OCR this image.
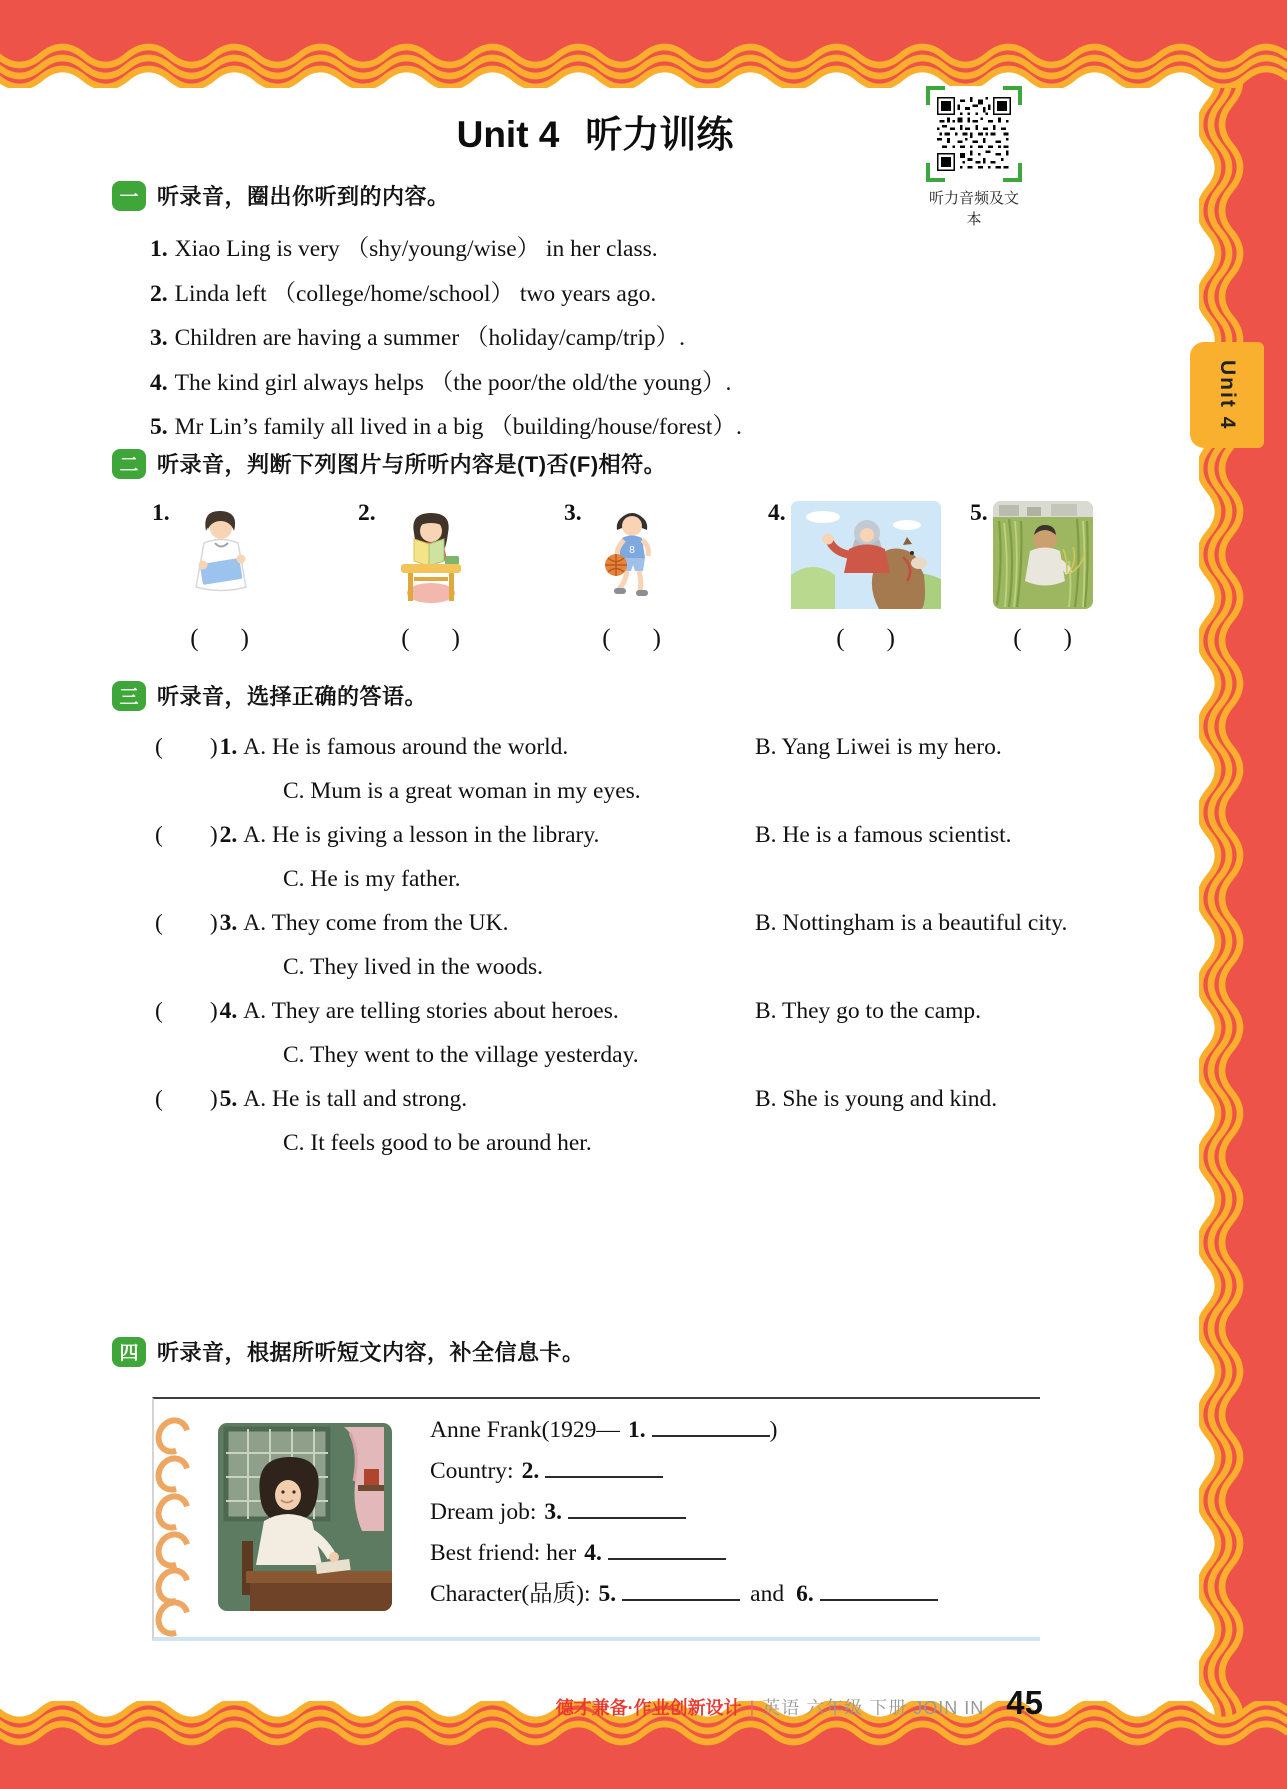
Unit 4
Unit 4 听力训练
听力音频及文本
一 听录音，圈出你听到的内容。
1. Xiao Ling is very （shy/young/wise） in her class.
2. Linda left （college/home/school） two years ago.
3. Children are having a summer （holiday/camp/trip）.
4. The kind girl always helps （the poor/the old/the young）.
5. Mr Lin’s family all lived in a big （building/house/forest）.
二 听录音，判断下列图片与所听内容是(T)否(F)相符。
1.
( )
2.
( )
3.
8
( )
4.
( )
5.
( )
三 听录音，选择正确的答语。
(　　)1. A. He is famous around the world.	B. Yang Liwei is my hero.
C. Mum is a great woman in my eyes.
(　　)2. A. He is giving a lesson in the library.	B. He is a famous scientist.
C. He is my father.
(　　)3. A. They come from the UK.	B. Nottingham is a beautiful city.
C. They lived in the woods.
(　　)4. A. They are telling stories about heroes.	B. They go to the camp.
C. They went to the village yesterday.
(　　)5. A. He is tall and strong.	B. She is young and kind.
C. It feels good to be around her.
四 听录音，根据所听短文内容，补全信息卡。
Anne Frank(1929— 1.	)
Country: 2.
Dream job: 3.
Best friend: her 4.
Character(品质): 5.	and 6.
德才兼备·作业创新设计 | 英语 六年级 下册 JOIN IN 45
